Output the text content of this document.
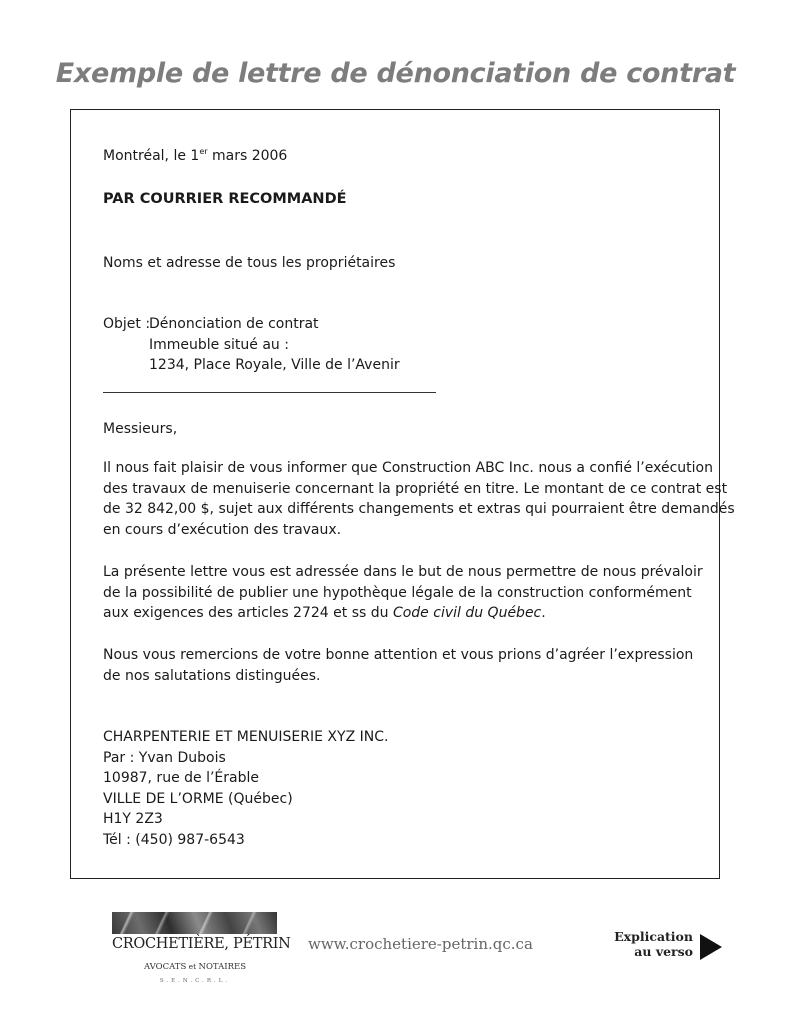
Exemple de lettre de dénonciation de contrat
Montréal, le 1er mars 2006
PAR COURRIER RECOMMANDÉ
Noms et adresse de tous les propriétaires
Objet :
Dénonciation de contrat
Immeuble situé au :
1234, Place Royale, Ville de l’Avenir
Messieurs,
Il nous fait plaisir de vous informer que Construction ABC Inc. nous a confié l’exécution
des travaux de menuiserie concernant la propriété en titre. Le montant de ce contrat est
de 32 842,00 $, sujet aux différents changements et extras qui pourraient être demandés
en cours d’exécution des travaux.
La présente lettre vous est adressée dans le but de nous permettre de nous prévaloir
de la possibilité de publier une hypothèque légale de la construction conformément
aux exigences des articles 2724 et ss du Code civil du Québec.
Nous vous remercions de votre bonne attention et vous prions d’agréer l’expression
de nos salutations distinguées.
CHARPENTERIE ET MENUISERIE XYZ INC.
Par : Yvan Dubois
10987, rue de l’Érable
VILLE DE L’ORME (Québec)
H1Y 2Z3
Tél : (450) 987-6543
CROCHETIÈRE, PÉTRIN
AVOCATS et NOTAIRES
S.E.N.C.R.L.
www.crochetiere-petrin.qc.ca	Explication
au verso
